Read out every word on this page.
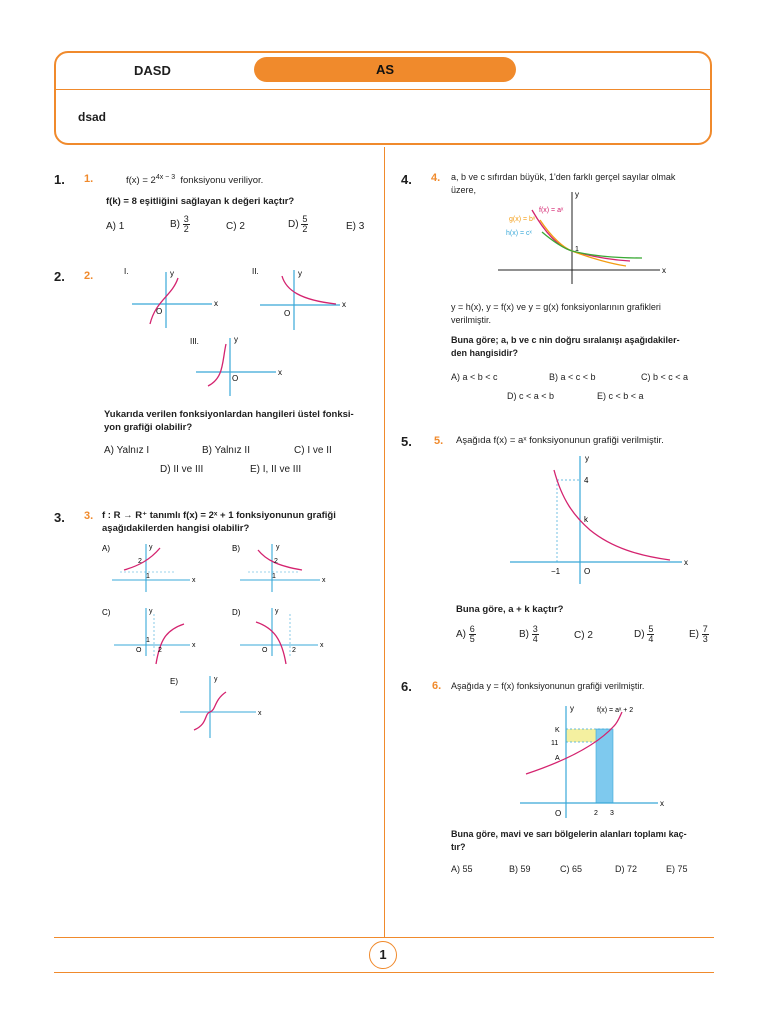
DASD	AS
dsad
1. 1.	$f(x) = 2^{4x - 3}$ fonksiyonu veriliyor.
f(k) = 8 eşitliğini sağlayan k değeri kaçtır?
A) 1	$B) \frac{3}{2}$	C) 2	$D) \frac{5}{2}$	E) 3
2. 2.	I.
x
y
O
II.
x
y
O
III.
x
y
O
Yukarıda verilen fonksiyonlardan hangileri üstel fonksi-
yon grafiği olabilir?
A) Yalnız I	B) Yalnız II	C) I ve II
D) II ve III	E) I, II ve III
3. 3. f : R → R⁺ tanımlı f(x) = 2ˣ + 1 fonksiyonunun grafiği
aşağıdakilerden hangisi olabilir?
A)
2
1
x
y	B)
2
1
x
y
C)
1
O 2
x
y	D)
O	2
x
y
E)
x
y
4. 4. a, b ve c sıfırdan büyük, 1'den farklı gerçel sayılar olmak
üzere,
f(x) = aˣ
g(x) = bˣ
h(x) = cˣ
1
x
y
y = h(x), y = f(x) ve y = g(x) fonksiyonlarının grafikleri
verilmiştir.
Buna göre; a, b ve c nin doğru sıralanışı aşağıdakiler-
den hangisidir?
A) a < b < c	B) a < c < b	C) b < c < a
D) c < a < b	E) c < b < a
5. 5. Aşağıda f(x) = aˣ fonksiyonunun grafiği verilmiştir.
4
k
−1	O
x
y
Buna göre, a + k kaçtır?
$A) \frac{6}{5}$	$B) \frac{3}{4}$	C) 2	$D) \frac{5}{4}$	$E) \frac{7}{3}$
6. 6. Aşağıda y = f(x) fonksiyonunun grafiği verilmiştir.
f(x) = aˣ + 2
K
11
A
O	2 3
x
y
Buna göre, mavi ve sarı bölgelerin alanları toplamı kaç-
tır?
A) 55	B) 59	C) 65	D) 72	E) 75
1
